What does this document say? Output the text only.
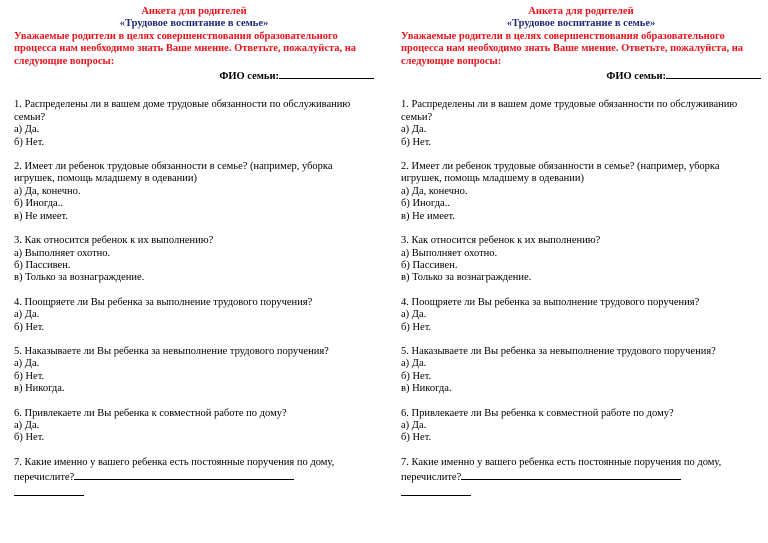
Анкета для родителей
«Трудовое воспитание в семье»
Уважаемые родители в целях совершенствования образовательного процесса нам необходимо знать Ваше мнение. Ответьте, пожалуйста, на следующие вопросы:
ФИО семьи:
1. Распределены ли в вашем доме трудовые обязанности по обслуживанию семьи?
а) Да.
б) Нет.
2. Имеет ли ребенок трудовые обязанности в семье? (например, уборка игрушек, помощь младшему в одевании)
а) Да, конечно.
б) Иногда..
в) Не имеет.
3. Как относится ребенок к их выполнению?
а) Выполняет охотно.
б) Пассивен.
в) Только за вознаграждение.
4. Поощряете ли Вы ребенка за выполнение трудового поручения?
а) Да.
б) Нет.
5. Наказываете ли Вы ребенка за невыполнение трудового поручения?
а) Да.
б) Нет.
в) Никогда.
6. Привлекаете ли Вы ребенка к совместной работе по дому?
а) Да.
б) Нет.
7. Какие именно у вашего ребенка есть постоянные поручения по дому, перечислите?
Анкета для родителей
«Трудовое воспитание в семье»
Уважаемые родители в целях совершенствования образовательного процесса нам необходимо знать Ваше мнение. Ответьте, пожалуйста, на следующие вопросы:
ФИО семьи:
1. Распределены ли в вашем доме трудовые обязанности по обслуживанию семьи?
а) Да.
б) Нет.
2. Имеет ли ребенок трудовые обязанности в семье? (например, уборка игрушек, помощь младшему в одевании)
а) Да, конечно.
б) Иногда..
в) Не имеет.
3. Как относится ребенок к их выполнению?
а) Выполняет охотно.
б) Пассивен.
в) Только за вознаграждение.
4. Поощряете ли Вы ребенка за выполнение трудового поручения?
а) Да.
б) Нет.
5. Наказываете ли Вы ребенка за невыполнение трудового поручения?
а) Да.
б) Нет.
в) Никогда.
6. Привлекаете ли Вы ребенка к совместной работе по дому?
а) Да.
б) Нет.
7. Какие именно у вашего ребенка есть постоянные поручения по дому, перечислите?
